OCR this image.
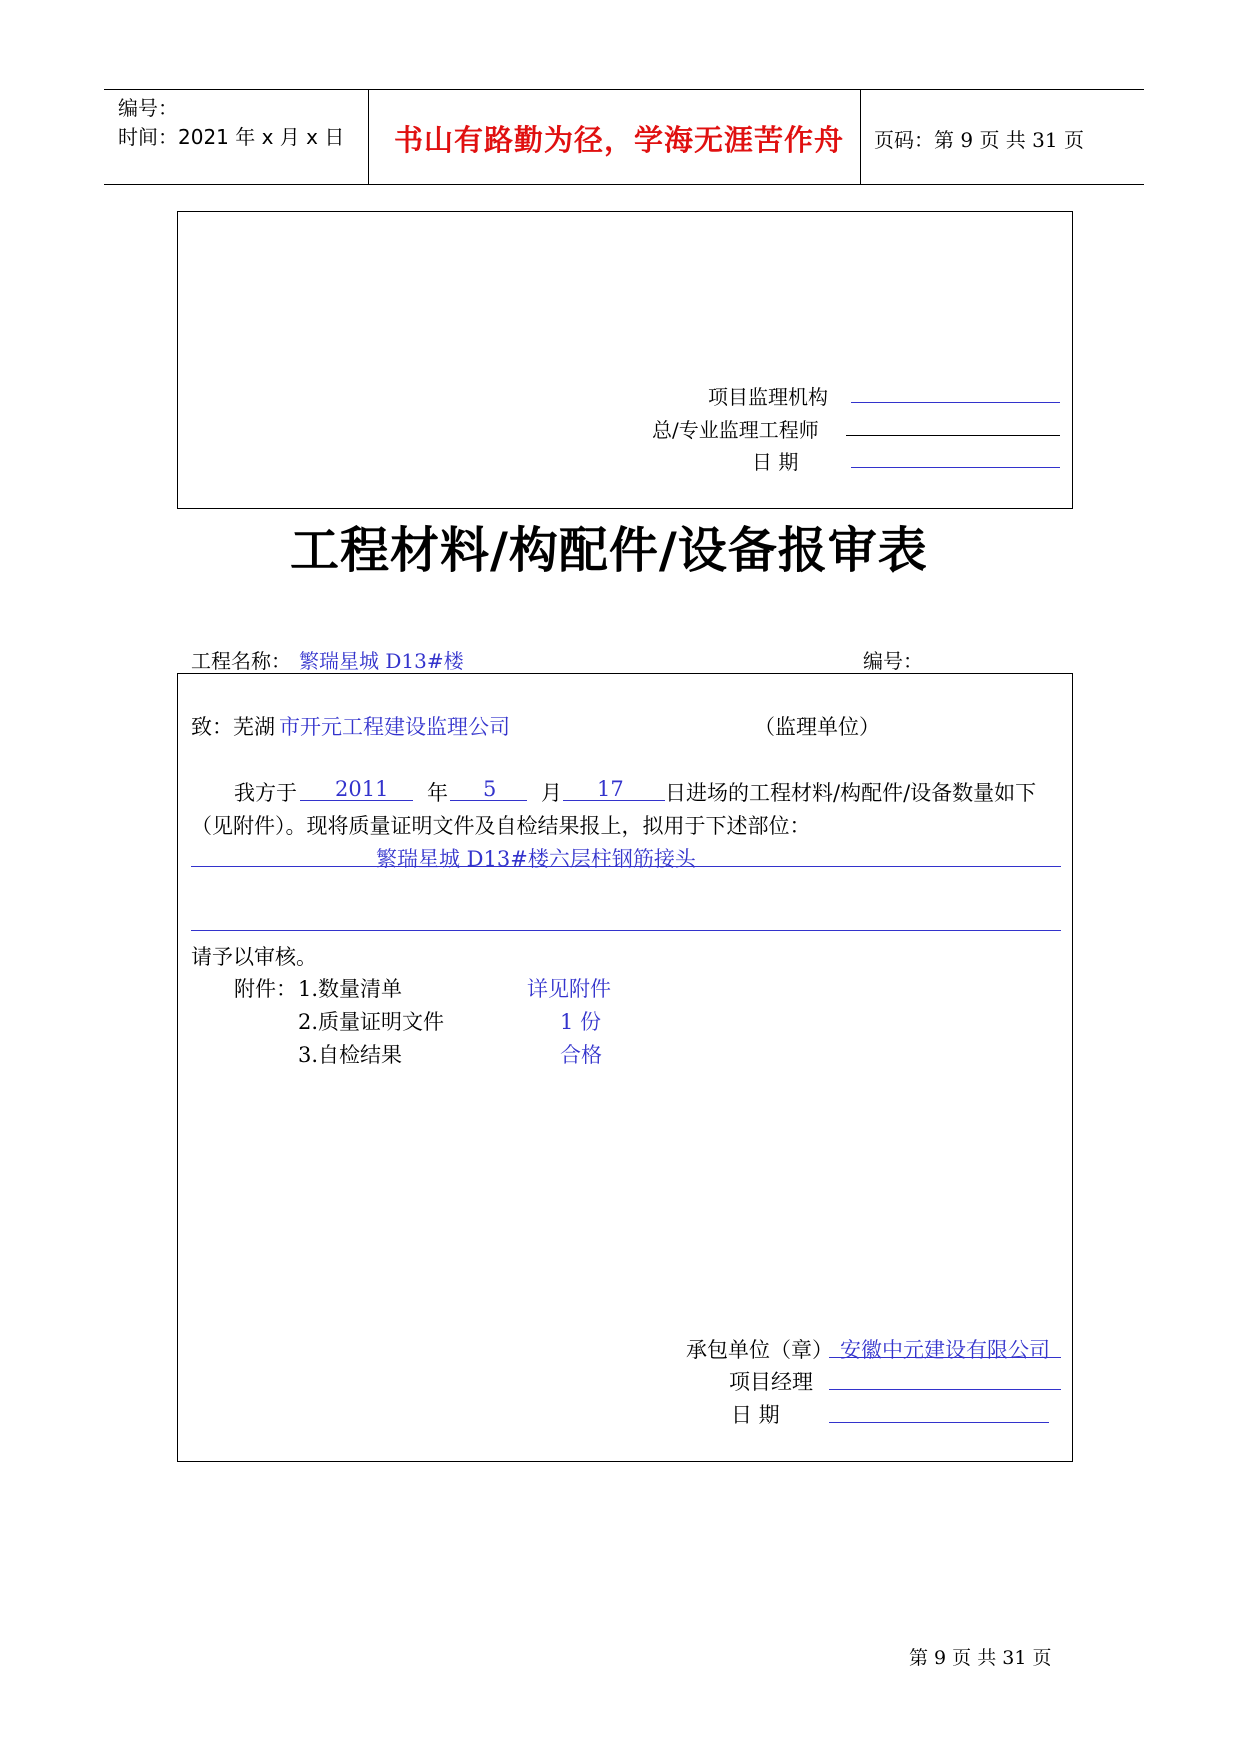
编号：
时间：2021 年 x 月 x 日 书山有路勤为径，学海无涯苦作舟 页码：第 9 页 共 31 页
项目监理机构
总/专业监理工程师
日 期
工程材料/构配件/设备报审表
工程名称： 繁瑞星城 D13#楼	编号：
致：芜湖 市开元工程建设监理公司	（监理单位）
我方于 2011 年 5 月 17 日进场的工程材料/构配件/设备数量如下
（见附件）。现将质量证明文件及自检结果报上，拟用于下述部位：
繁瑞星城 D13#楼六层柱钢筋接头
请予以审核。
附件： 1.数量清单	详见附件
2.质量证明文件	1 份
3.自检结果	合格
承包单位（章） 安徽中元建设有限公司
项目经理
日 期
第 9 页 共 31 页
